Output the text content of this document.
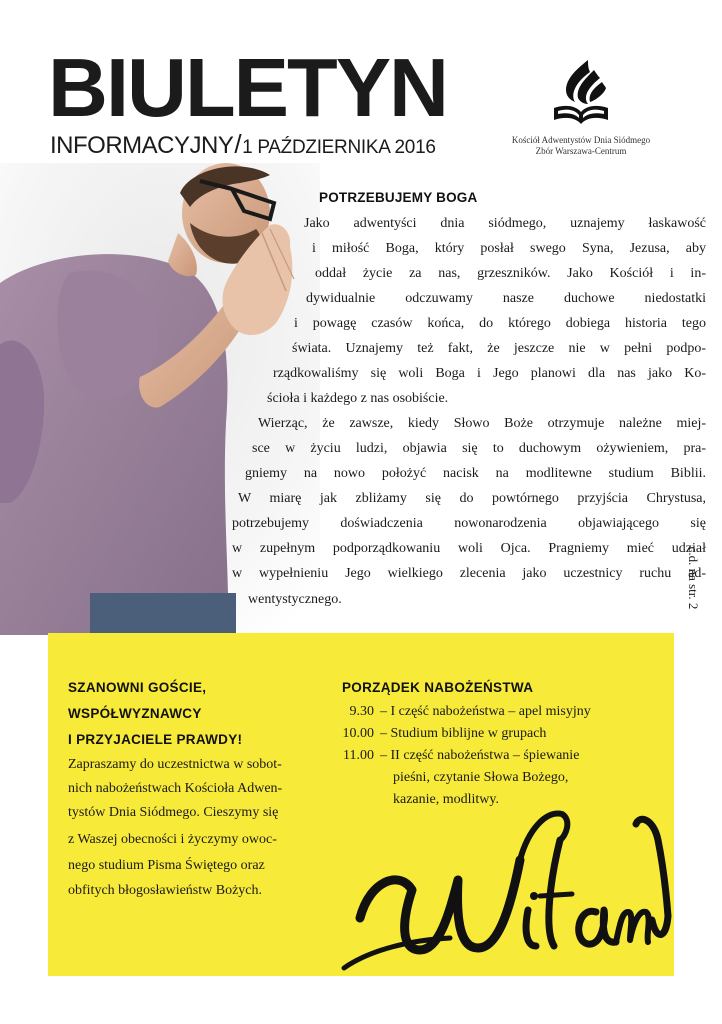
BIULETYN
INFORMACYJNY/1 PAŹDZIERNIKA 2016	Kościół Adwentystów Dnia Siódmego
Zbór Warszawa-Centrum
POTRZEBUJEMY BOGA
Jako adwentyści dnia siódmego, uznajemy łaskawość
i miłość Boga, który posłał swego Syna, Jezusa, aby
oddał życie za nas, grzeszników. Jako Kościół i in-
dywidualnie odczuwamy nasze duchowe niedostatki
i powagę czasów końca, do którego dobiega historia tego
świata. Uznajemy też fakt, że jeszcze nie w pełni podpo-
rządkowaliśmy się woli Boga i Jego planowi dla nas jako Ko-
ścioła i każdego z nas osobiście.
Wierząc, że zawsze, kiedy Słowo Boże otrzymuje należne miej-
sce w życiu ludzi, objawia się to duchowym ożywieniem, pra-
gniemy na nowo położyć nacisk na modlitewne studium Biblii.
W miarę jak zbliżamy się do powtórnego przyjścia Chrystusa,
potrzebujemy doświadczenia nowonarodzenia objawiającego się
w zupełnym podporządkowaniu woli Ojca. Pragniemy mieć udział
w wypełnieniu Jego wielkiego zlecenia jako uczestnicy ruchu ad-
wentystycznego.	c.d. na str. 2
SZANOWNI GOŚCIE,
WSPÓŁWYZNAWCY
I PRZYJACIELE PRAWDY!
Zapraszamy do uczestnictwa w sobot-
nich nabożeństwach Kościoła Adwen-
tystów Dnia Siódmego. Cieszymy się
z Waszej obecności i życzymy owoc-
nego studium Pisma Świętego oraz
obfitych błogosławieństw Bożych.
PORZĄDEK NABOŻEŃSTWA
9.30 – I część nabożeństwa – apel misyjny
10.00 – Studium biblijne w grupach
11.00 – II część nabożeństwa – śpiewanie
pieśni, czytanie Słowa Bożego,
kazanie, modlitwy.
